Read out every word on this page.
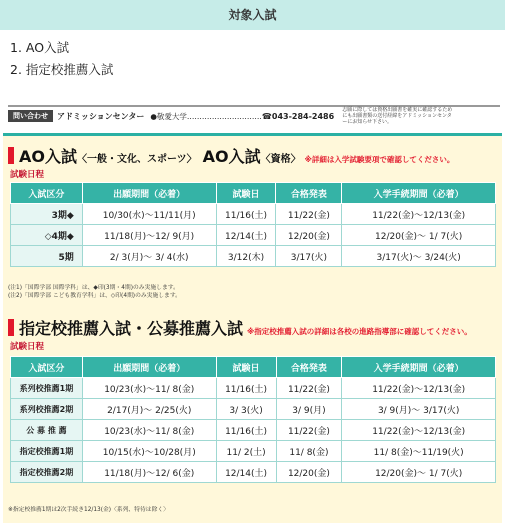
対象入試
1. AO入試
2. 指定校推薦入試
問い合わせ	アドミッションセンター ●敬愛大学………………………… ☎043-284-2486
志願に際しては資格出願書を確実に確認するためにも出願書類の送付経緯をアドミッションセンターにお知らせ下さい。
AO入試 〈一般・文化、スポーツ〉 AO入試 〈資格〉 ※詳細は入学試験要項で確認してください。
試験日程
入試区分	出願期間（必着）	試験日	合格発表	入学手続期間（必着）
3期◆	10/30(水)〜11/11(月)	11/16(土)	11/22(金)	11/22(金)〜12/13(金)
◇4期◆	11/18(月)〜12/ 9(月)	12/14(土)	12/20(金)	12/20(金)〜 1/ 7(火)
5期	2/ 3(月)〜 3/ 4(水)	3/12(木)	3/17(火)	3/17(火)〜 3/24(火)
(注1)「国際学部 国際学科」は、◆印(3期・4期)のみ実施します。
(注2)「国際学部 こども教育学科」は、◇印(4期)のみ実施します。
指定校推薦入試・公募推薦入試 ※指定校推薦入試の詳細は各校の進路指導部に確認してください。
試験日程
入試区分	出願期間（必着）	試験日	合格発表	入学手続期間（必着）
系列校推薦1期	10/23(水)〜11/ 8(金)	11/16(土)	11/22(金)	11/22(金)〜12/13(金)
系列校推薦2期	2/17(月)〜 2/25(火)	3/ 3(火)	3/ 9(月)	3/ 9(月)〜 3/17(火)
公 募 推 薦	10/23(水)〜11/ 8(金)	11/16(土)	11/22(金)	11/22(金)〜12/13(金)
指定校推薦1期	10/15(水)〜10/28(月)	11/ 2(土)	11/ 8(金)	11/ 8(金)〜11/19(火)
指定校推薦2期	11/18(月)〜12/ 6(金)	12/14(土)	12/20(金)	12/20(金)〜 1/ 7(火)
※指定校推薦1期は2次手続き12/13(金)〈系列、特待は除く〉
